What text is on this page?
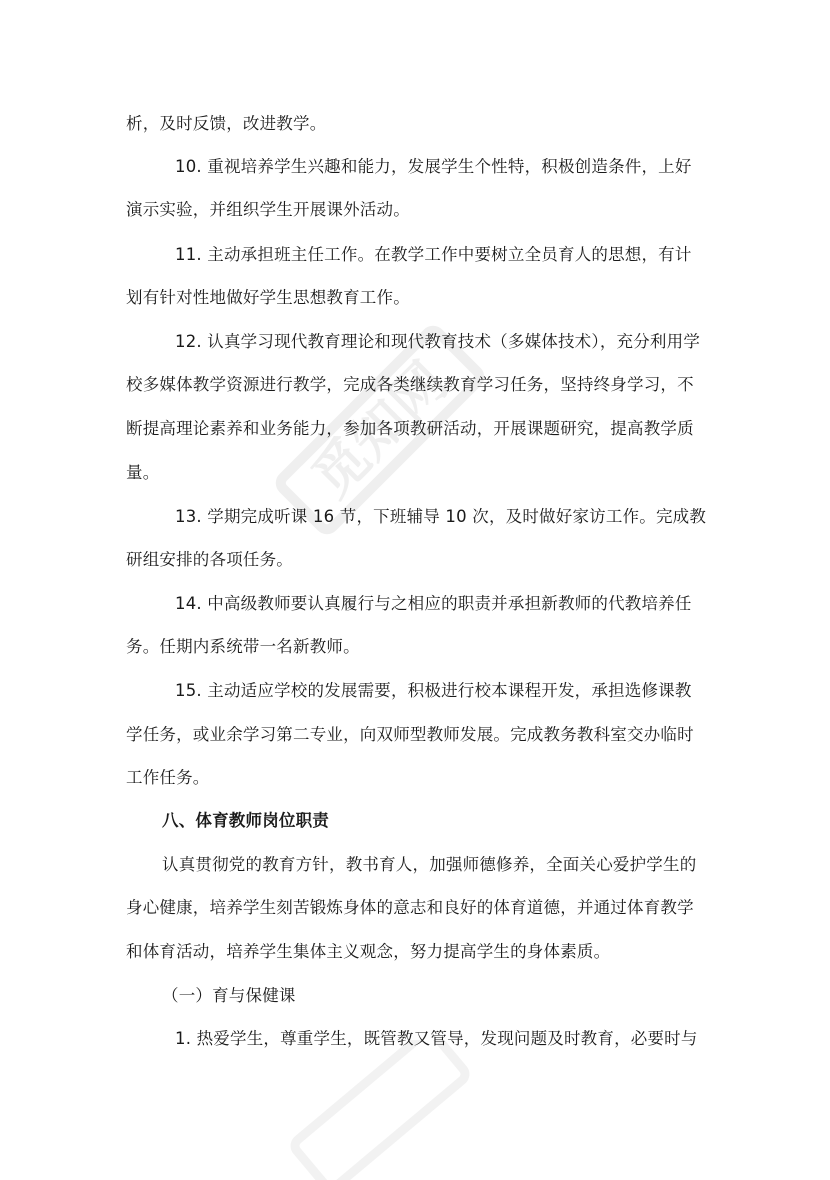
觅知网
析，及时反馈，改进教学。
10. 重视培养学生兴趣和能力，发展学生个性特，积极创造条件，上好
演示实验，并组织学生开展课外活动。
11. 主动承担班主任工作。在教学工作中要树立全员育人的思想，有计
划有针对性地做好学生思想教育工作。
12. 认真学习现代教育理论和现代教育技术（多媒体技术），充分利用学
校多媒体教学资源进行教学，完成各类继续教育学习任务，坚持终身学习，不
断提高理论素养和业务能力，参加各项教研活动，开展课题研究，提高教学质
量。
13. 学期完成听课 16 节，下班辅导 10 次，及时做好家访工作。完成教
研组安排的各项任务。
14. 中高级教师要认真履行与之相应的职责并承担新教师的代教培养任
务。任期内系统带一名新教师。
15. 主动适应学校的发展需要，积极进行校本课程开发，承担选修课教
学任务，或业余学习第二专业，向双师型教师发展。完成教务教科室交办临时
工作任务。
八、体育教师岗位职责
认真贯彻党的教育方针，教书育人，加强师德修养，全面关心爱护学生的
身心健康，培养学生刻苦锻炼身体的意志和良好的体育道德，并通过体育教学
和体育活动，培养学生集体主义观念，努力提高学生的身体素质。
（一）育与保健课
1. 热爱学生，尊重学生，既管教又管导，发现问题及时教育，必要时与
